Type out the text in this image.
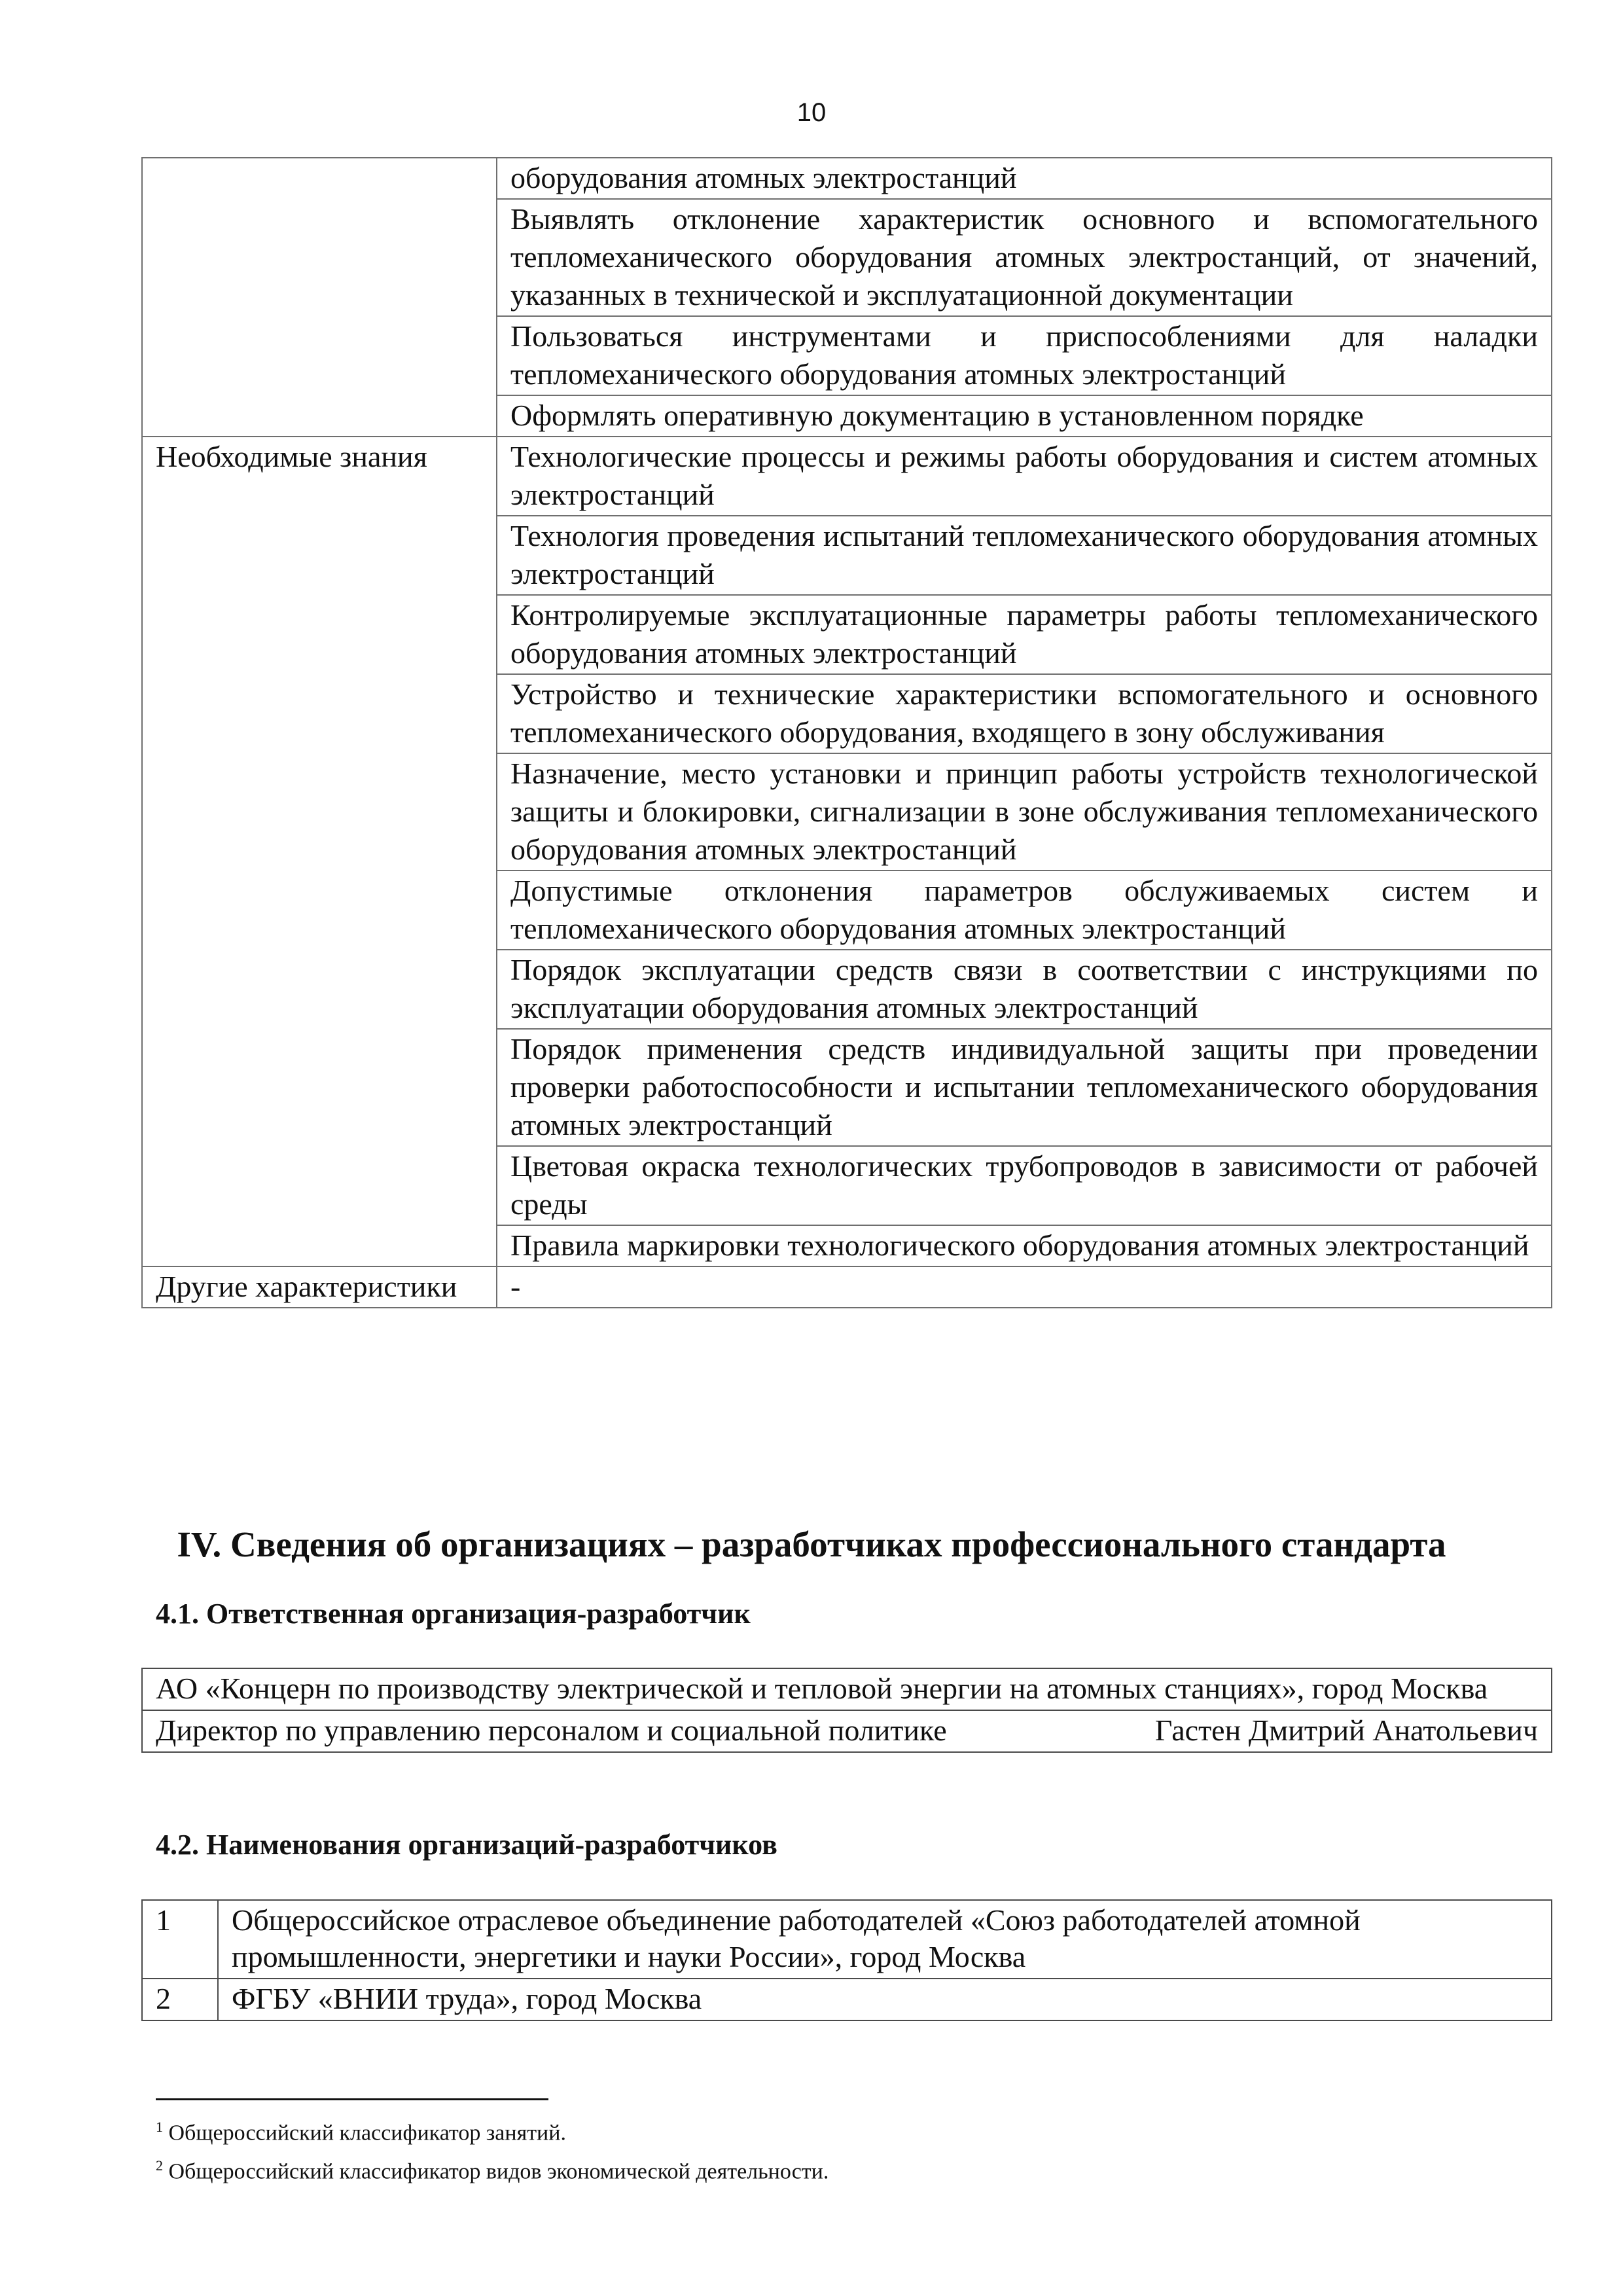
10
	оборудования атомных электростанций
	Выявлять отклонение характеристик основного и вспомогательного тепломеханического оборудования атомных электростанций, от значений, указанных в технической и эксплуатационной документации
	Пользоваться инструментами и приспособлениями для наладки тепломеханического оборудования атомных электростанций
	Оформлять оперативную документацию в установленном порядке
Необходимые знания	Технологические процессы и режимы работы оборудования и систем атомных электростанций
	Технология проведения испытаний тепломеханического оборудования атомных электростанций
	Контролируемые эксплуатационные параметры работы тепломеханического оборудования атомных электростанций
	Устройство и технические характеристики вспомогательного и основного тепломеханического оборудования, входящего в зону обслуживания
	Назначение, место установки и принцип работы устройств технологической защиты и блокировки, сигнализации в зоне обслуживания тепломеханического оборудования атомных электростанций
	Допустимые отклонения параметров обслуживаемых систем и тепломеханического оборудования атомных электростанций
	Порядок эксплуатации средств связи в соответствии с инструкциями по эксплуатации оборудования атомных электростанций
	Порядок применения средств индивидуальной защиты при проведении проверки работоспособности и испытании тепломеханического оборудования атомных электростанций
	Цветовая окраска технологических трубопроводов в зависимости от рабочей среды
	Правила маркировки технологического оборудования атомных электростанций
Другие характеристики	-
IV. Сведения об организациях – разработчиках профессионального стандарта
4.1. Ответственная организация-разработчик
АО «Концерн по производству электрической и тепловой энергии на атомных станциях», город Москва

Директор по управлению персоналом и социальной политике	Гастен Дмитрий Анатольевич
4.2. Наименования организаций-разработчиков
1	Общероссийское отраслевое объединение работодателей «Союз работодателей атомной промышленности, энергетики и науки России», город Москва
2	ФГБУ «ВНИИ труда», город Москва
$^1$ Общероссийский классификатор занятий.
$^2$ Общероссийский классификатор видов экономической деятельности.
